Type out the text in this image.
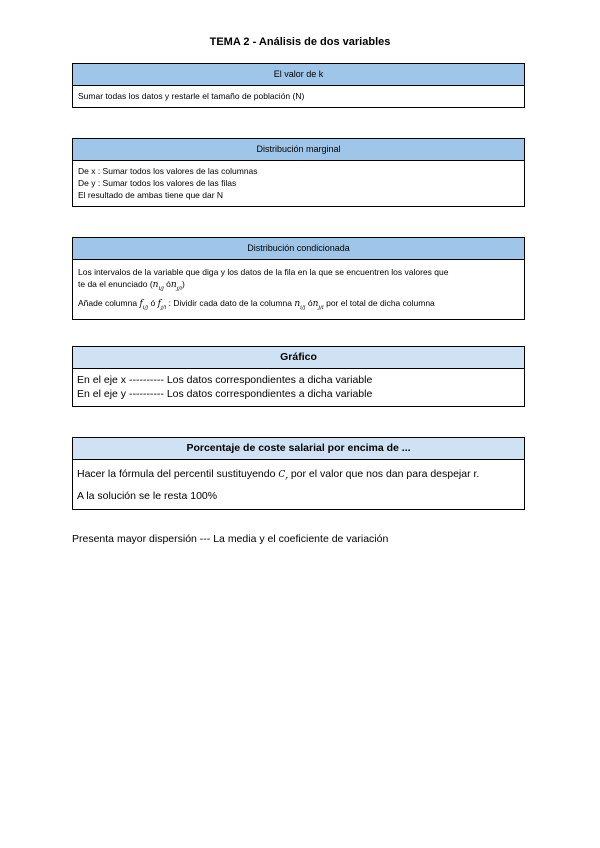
TEMA 2 - Análisis de dos variables
El valor de k
Sumar todas los datos y restarle el tamaño de población (N)
Distribución marginal
De x : Sumar todos los valores de las columnas
De y : Sumar todos los valores de las filas
El resultado de ambas tiene que dar N
Distribución condicionada
Los intervalos de la variable que diga y los datos de la fila en la que se encuentren los valores que
te da el enunciado ($n_{i/j}$ $ón_{j/i}$)
Añade columna $f_{i/j}$ ó $f_{j/i}$ : Dividir cada dato de la columna $n_{i/j}$ $ón_{j/i}$ por el total de dicha columna
Gráfico
En el eje x ---------- Los datos correspondientes a dicha variable
En el eje y ---------- Los datos correspondientes a dicha variable
Porcentaje de coste salarial por encima de ...
Hacer la fórmula del percentil sustituyendo $C_r$ por el valor que nos dan para despejar r.
A la solución se le resta 100%
Presenta mayor dispersión --- La media y el coeficiente de variación
